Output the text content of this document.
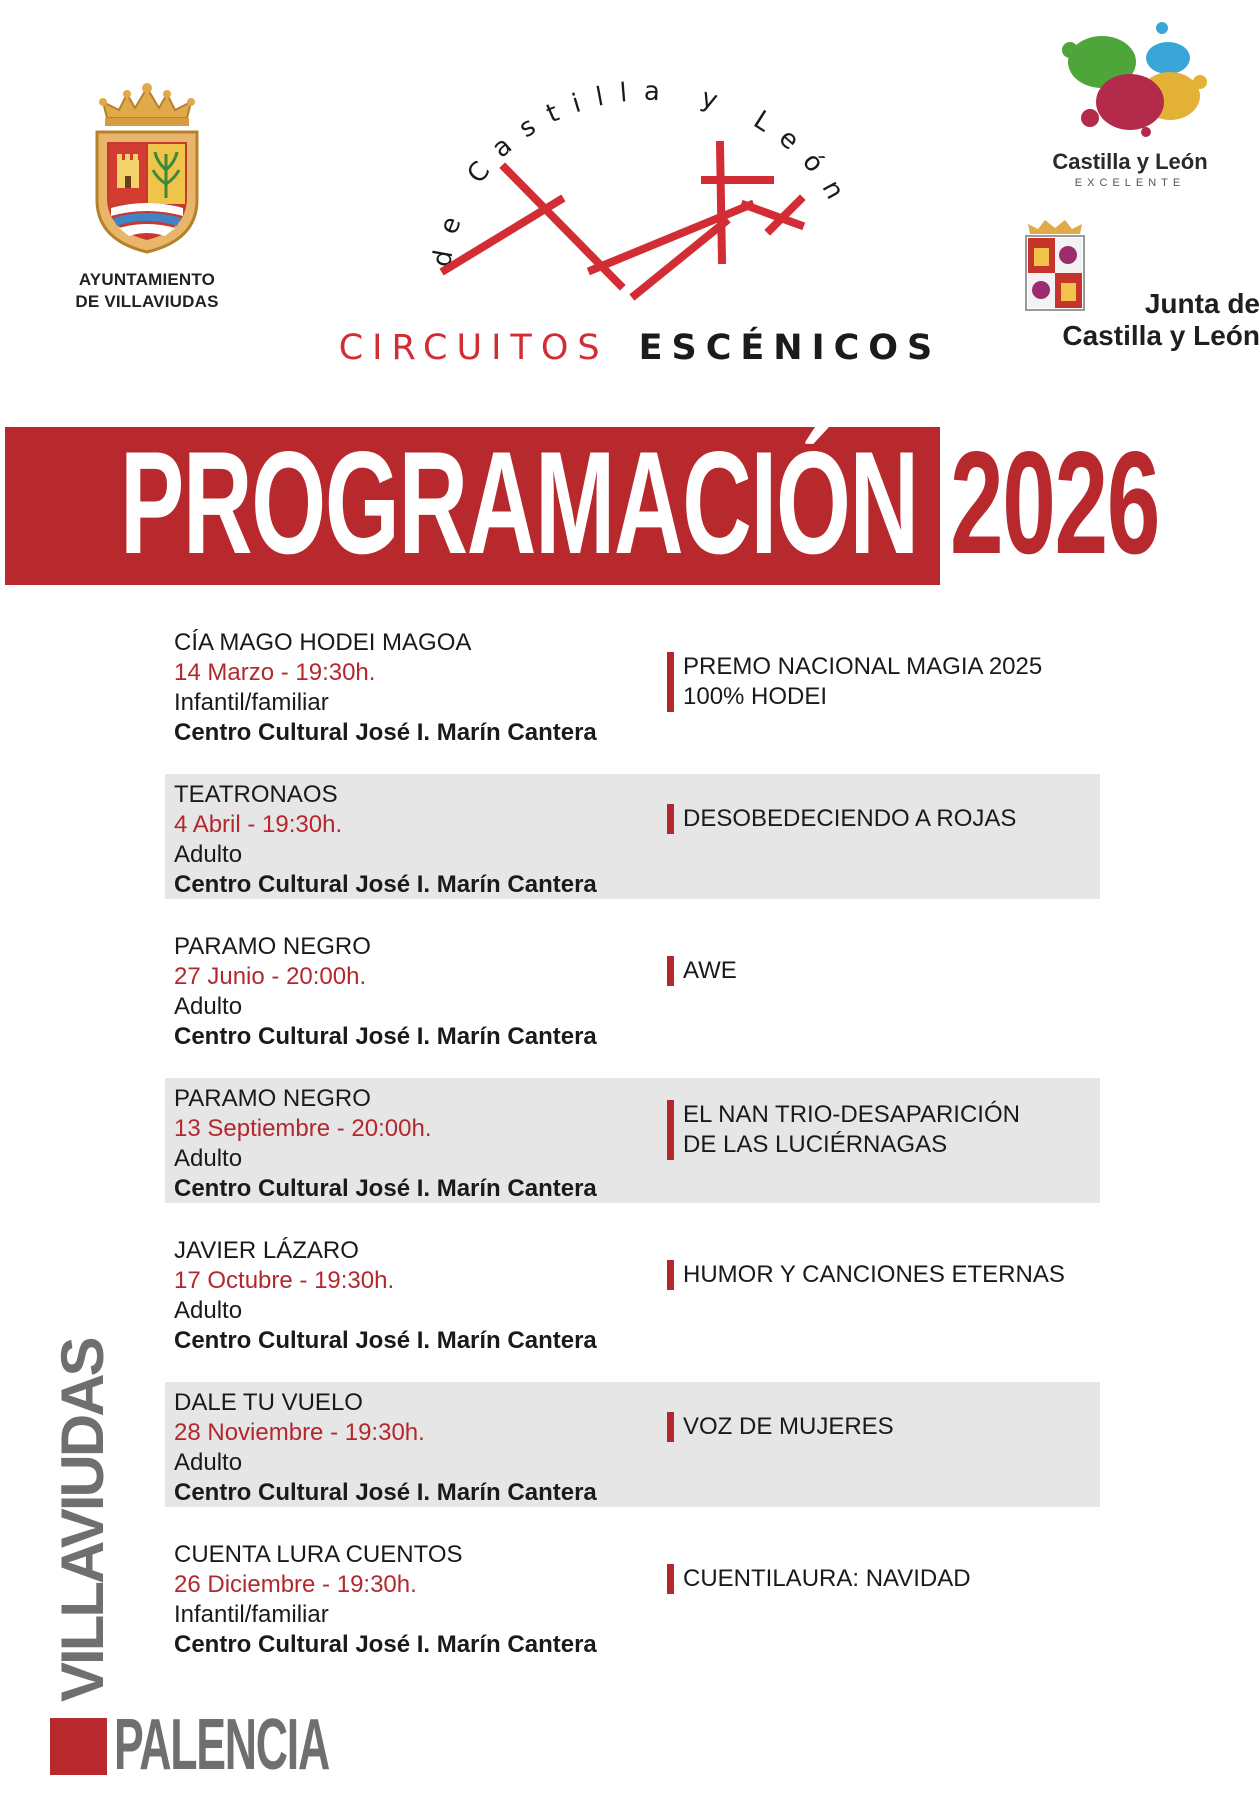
AYUNTAMIENTO
DE VILLAVIUDAS
de Castilla y León
CIRCUITOS ESCÉNICOS
Castilla y León
EXCELENTE
Junta de
Castilla y León
PROGRAMACIÓN 2026
CÍA MAGO HODEI MAGOA
14 Marzo - 19:30h.
Infantil/familiar
Centro Cultural José I. Marín Cantera
PREMO NACIONAL MAGIA 2025
100% HODEI
TEATRONAOS
4 Abril - 19:30h.
Adulto
Centro Cultural José I. Marín Cantera
DESOBEDECIENDO A ROJAS
PARAMO NEGRO
27 Junio - 20:00h.
Adulto
Centro Cultural José I. Marín Cantera
AWE
PARAMO NEGRO
13 Septiembre - 20:00h.
Adulto
Centro Cultural José I. Marín Cantera
EL NAN TRIO-DESAPARICIÓN
DE LAS LUCIÉRNAGAS
JAVIER LÁZARO
17 Octubre - 19:30h.
Adulto
Centro Cultural José I. Marín Cantera
HUMOR Y CANCIONES ETERNAS
DALE TU VUELO
28 Noviembre - 19:30h.
Adulto
Centro Cultural José I. Marín Cantera
VOZ DE MUJERES
CUENTA LURA CUENTOS
26 Diciembre - 19:30h.
Infantil/familiar
Centro Cultural José I. Marín Cantera
CUENTILAURA: NAVIDAD
VILLAVIUDAS
PALENCIA
